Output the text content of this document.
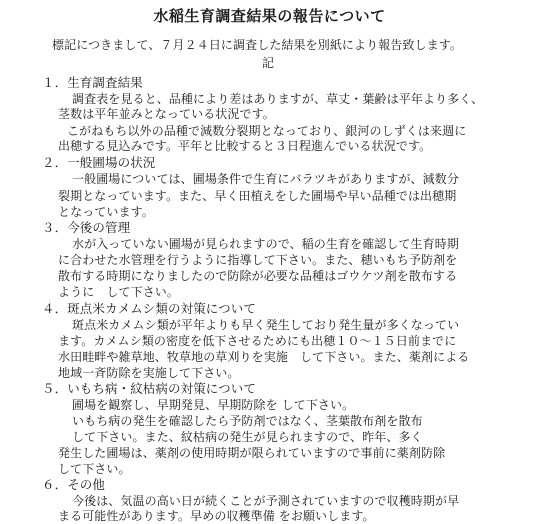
水稲生育調査結果の報告について
標記につきまして、７月２４日に調査した結果を別紙により報告致します。
記
１．生育調査結果
調査表を見ると、品種により差はありますが、草丈・葉齢は平年より多く、
茎数は平年並みとなっている状況です。
こがねもち以外の品種で減数分裂期となっており、銀河のしずくは来週に
出穂する見込みです。平年と比較すると３日程進んでいる状況です。
２．一般圃場の状況
一般圃場については、圃場条件で生育にバラツキがありますが、減数分
裂期となっています。また、早く田植えをした圃場や早い品種では出穂期
となっています。
３．今後の管理
水が入っていない圃場が見られますので、稲の生育を確認して生育時期
に合わせた水管理を行うように指導して下さい。また、穂いもち予防剤を
散布する時期になりましたので防除が必要な品種はゴウケツ剤を散布する
ように　して下さい。
４．斑点米カメムシ類の対策について
斑点米カメムシ類が平年よりも早く発生しており発生量が多くなってい
ます。カメムシ類の密度を低下させるためにも出穂１０～１５日前までに
水田畦畔や雑草地、牧草地の草刈りを実施　して下さい。また、薬剤による
地域一斉防除を実施して下さい。
５．いもち病・紋枯病の対策について
圃場を観察し、早期発見、早期防除を して下さい。
いもち病の発生を確認したら予防剤ではなく、茎葉散布剤を散布
して下さい。また、紋枯病の発生が見られますので、昨年、多く
発生した圃場は、薬剤の使用時期が限られていますので事前に薬剤防除
して下さい。
６．その他
今後は、気温の高い日が続くことが予測されていますので収穫時期が早
まる可能性があります。早めの収穫準備 をお願いします。
